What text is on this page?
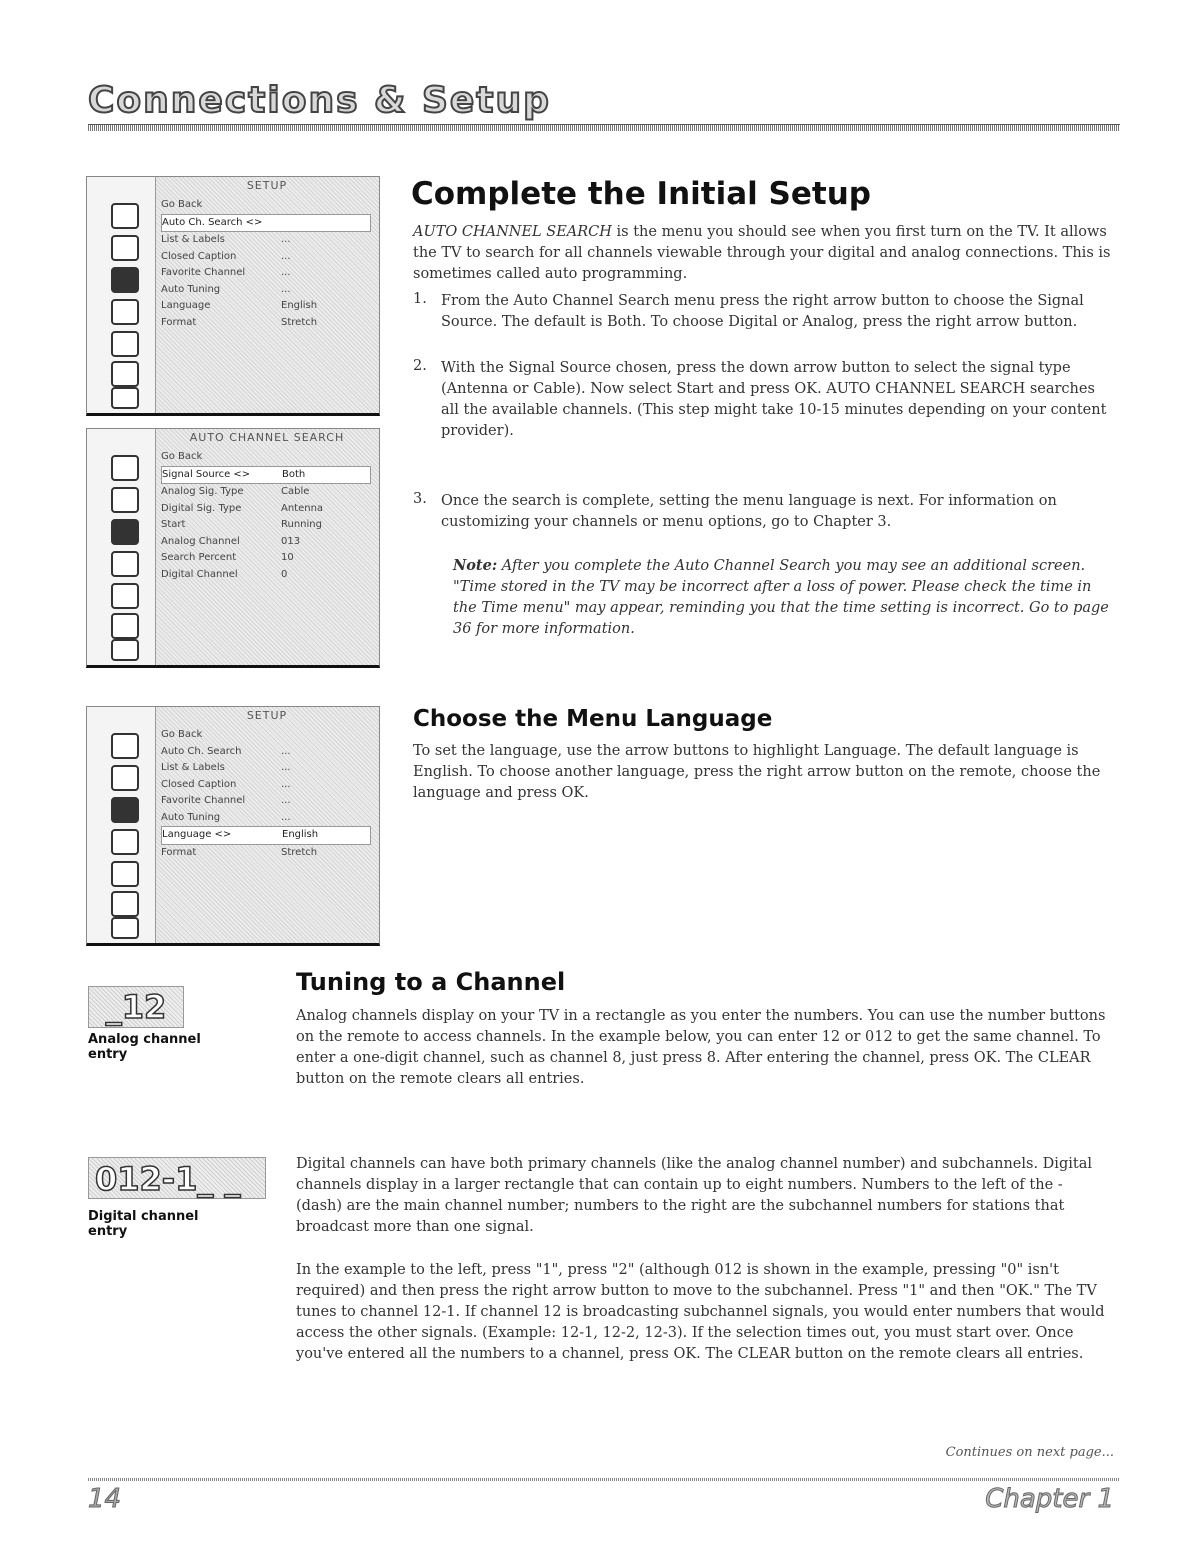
Connections & Setup
SETUP
Go Back
Auto Ch. Search <>
List & Labels	...
Closed Caption	...
Favorite Channel	...
Auto Tuning	...
Language	English
Format	Stretch
AUTO CHANNEL SEARCH
Go Back
Signal Source <>	Both
Analog Sig. Type	Cable
Digital Sig. Type	Antenna
Start	Running
Analog Channel	013
Search Percent	10
Digital Channel	0
SETUP
Go Back
Auto Ch. Search	...
List & Labels	...
Closed Caption	...
Favorite Channel	...
Auto Tuning	...
Language <>	English
Format	Stretch
Complete the Initial Setup
AUTO CHANNEL SEARCH is the menu you should see when you first turn on the TV. It allows the TV to search for all channels viewable through your digital and analog connections. This is sometimes called auto programming.
1. From the Auto Channel Search menu press the right arrow button to choose the Signal Source. The default is Both. To choose Digital or Analog, press the right arrow button.
2. With the Signal Source chosen, press the down arrow button to select the signal type (Antenna or Cable). Now select Start and press OK. AUTO CHANNEL SEARCH searches all the available channels. (This step might take 10-15 minutes depending on your content provider).
3. Once the search is complete, setting the menu language is next. For information on customizing your channels or menu options, go to Chapter 3.
Note: After you complete the Auto Channel Search you may see an additional screen. "Time stored in the TV may be incorrect after a loss of power. Please check the time in the Time menu" may appear, reminding you that the time setting is incorrect. Go to page 36 for more information.
Choose the Menu Language
To set the language, use the arrow buttons to highlight Language. The default language is English. To choose another language, press the right arrow button on the remote, choose the language and press OK.
_12
Analog channel entry
012-1_ _
Digital channel entry
Tuning to a Channel
Analog channels display on your TV in a rectangle as you enter the numbers. You can use the number buttons on the remote to access channels. In the example below, you can enter 12 or 012 to get the same channel. To enter a one-digit channel, such as channel 8, just press 8. After entering the channel, press OK. The CLEAR button on the remote clears all entries.
Digital channels can have both primary channels (like the analog channel number) and subchannels. Digital channels display in a larger rectangle that can contain up to eight numbers. Numbers to the left of the - (dash) are the main channel number; numbers to the right are the subchannel numbers for stations that broadcast more than one signal.
In the example to the left, press "1", press "2" (although 012 is shown in the example, pressing "0" isn't required) and then press the right arrow button to move to the subchannel. Press "1" and then "OK." The TV tunes to channel 12-1. If channel 12 is broadcasting subchannel signals, you would enter numbers that would access the other signals. (Example: 12-1, 12-2, 12-3). If the selection times out, you must start over. Once you've entered all the numbers to a channel, press OK. The CLEAR button on the remote clears all entries.
Continues on next page...
14	Chapter 1
